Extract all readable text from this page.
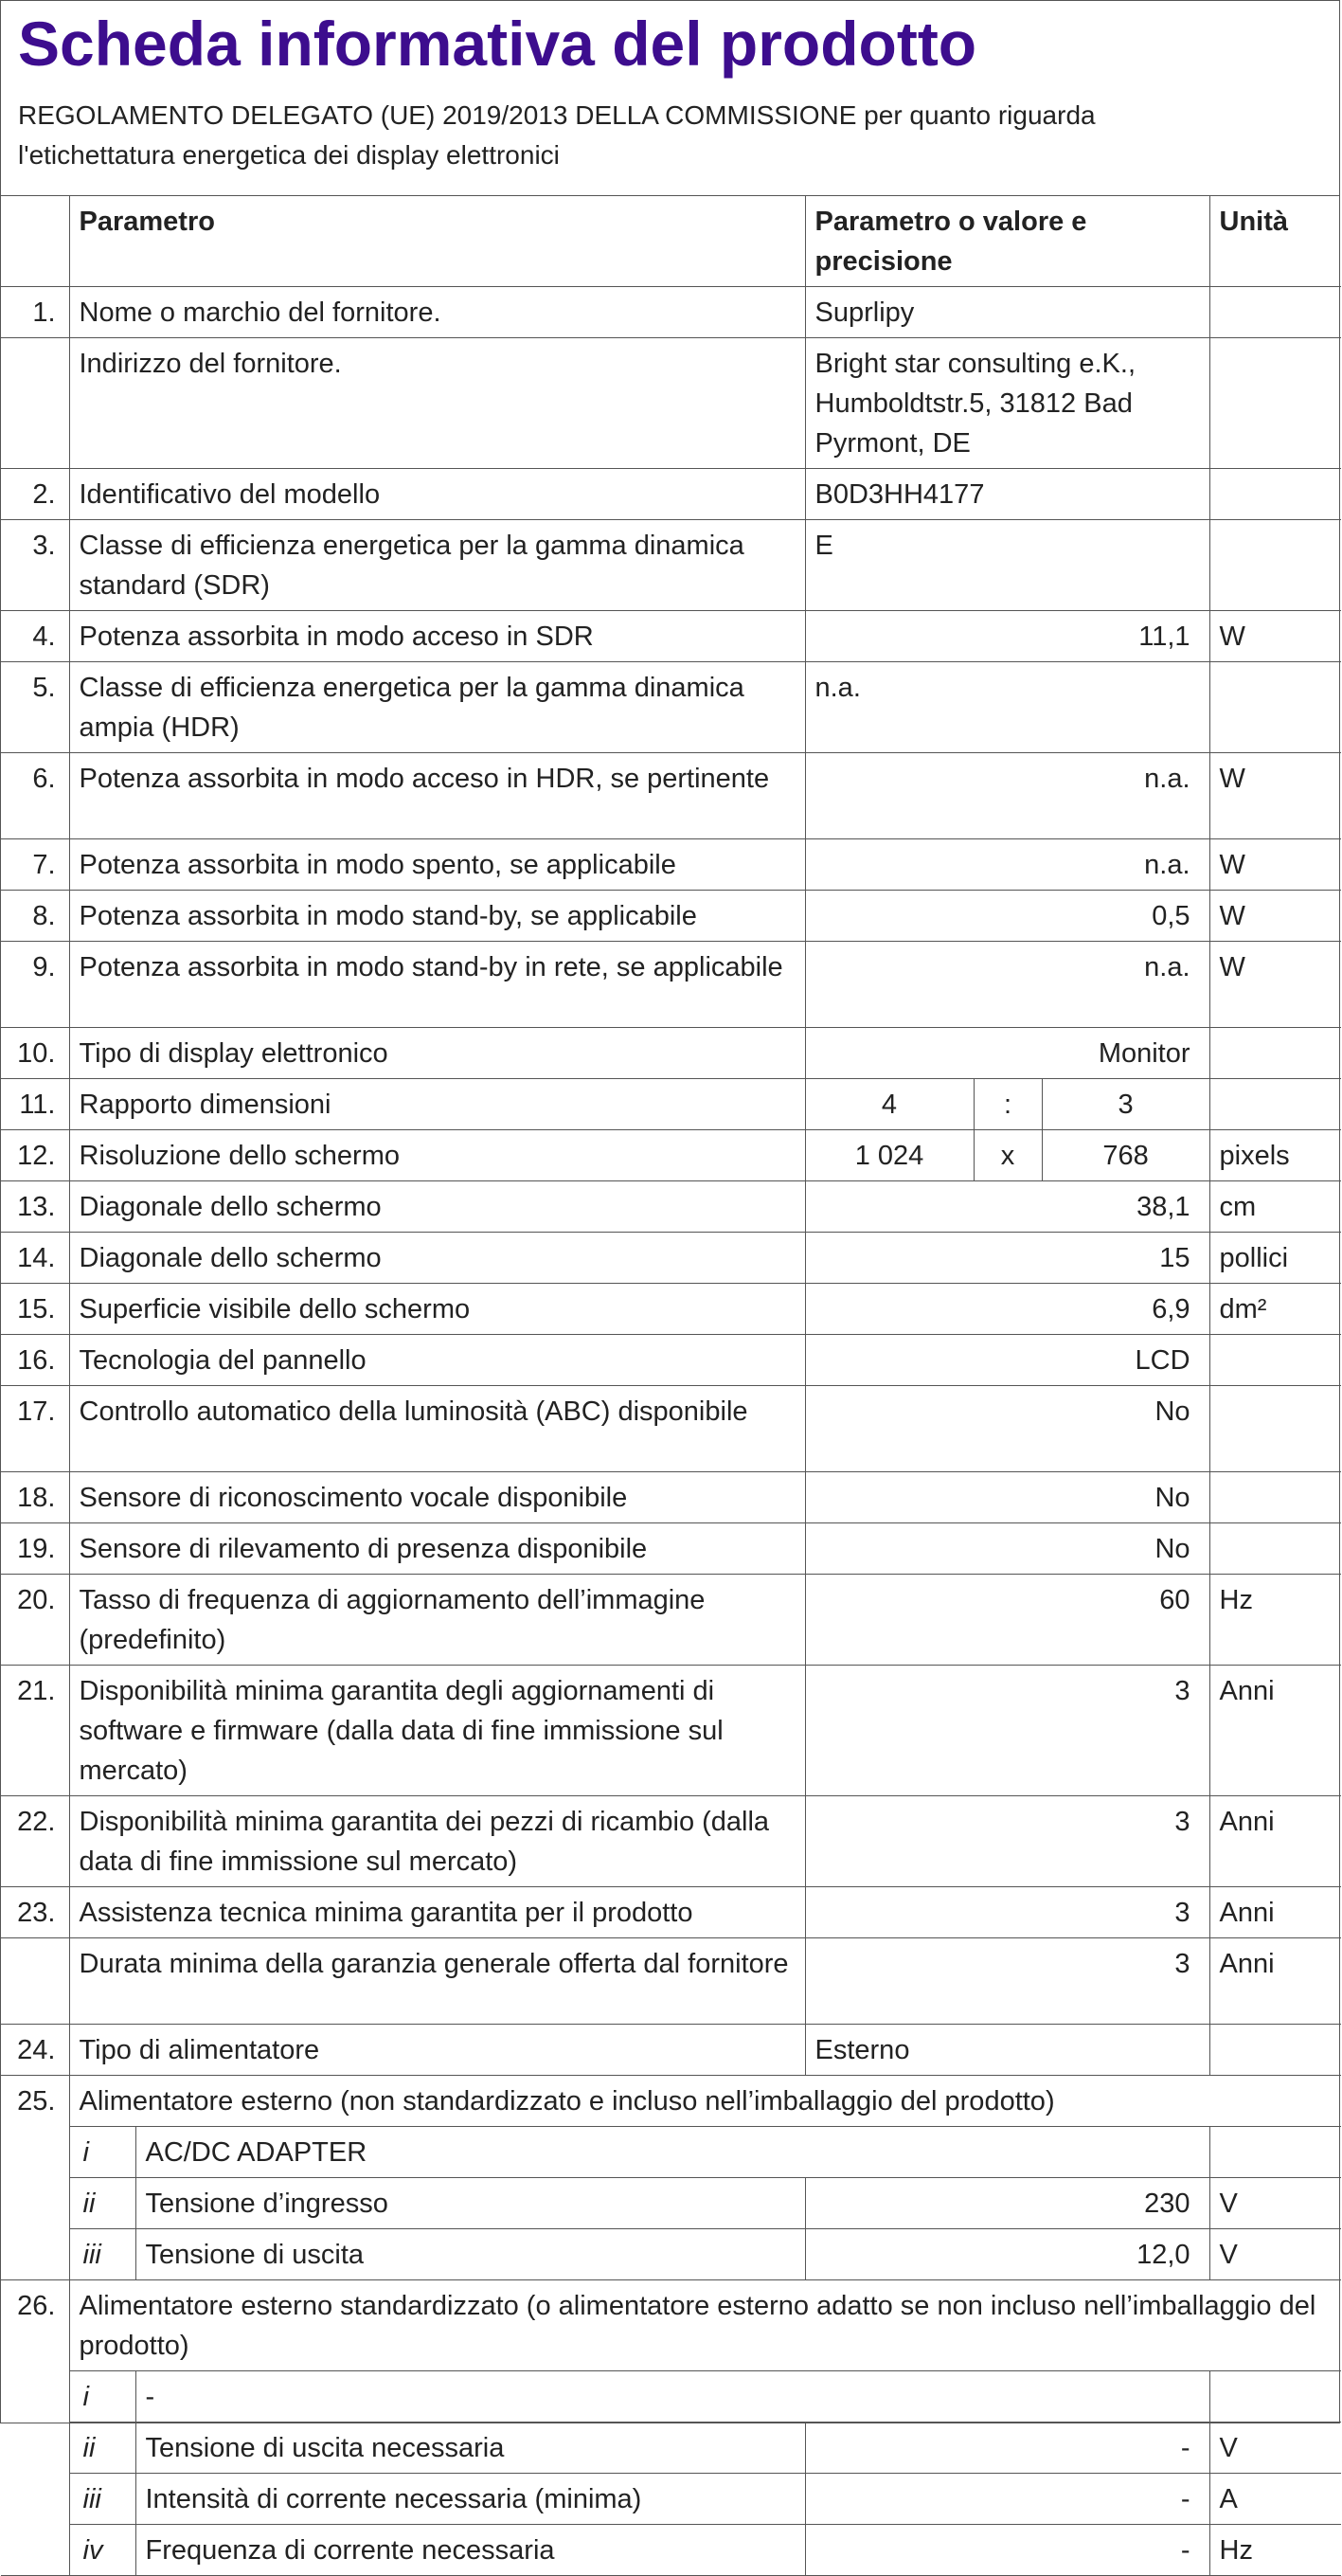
Scheda informativa del prodotto
REGOLAMENTO DELEGATO (UE) 2019/2013 DELLA COMMISSIONE per quanto riguarda
l'etichettatura energetica dei display elettronici
	Parametro		Parametro o valore e precisione			Unità
1.	Nome o marchio del fornitore.		Suprlipy			
	Indirizzo del fornitore.		Bright star consulting e.K., Humboldtstr.5, 31812 Bad Pyrmont, DE			
2.	Identificativo del modello		B0D3HH4177			
3.	Classe di efficienza energetica per la gamma dinamica standard (SDR)		E			
4.	Potenza assorbita in modo acceso in SDR		11,1			W
5.	Classe di efficienza energetica per la gamma dinamica ampia (HDR)		n.a.			
6.	Potenza assorbita in modo acceso in HDR, se pertinente		n.a.			W
7.	Potenza assorbita in modo spento, se applicabile		n.a.			W
8.	Potenza assorbita in modo stand-by, se applicabile		0,5			W
9.	Potenza assorbita in modo stand-by in rete, se applicabile		n.a.			W
10.	Tipo di display elettronico		Monitor			
11.	Rapporto dimensioni		4	:	3	
12.	Risoluzione dello schermo		1 024	x	768	pixels
13.	Diagonale dello schermo		38,1			cm
14.	Diagonale dello schermo		15			pollici
15.	Superficie visibile dello schermo		6,9			dm²
16.	Tecnologia del pannello		LCD			
17.	Controllo automatico della luminosità (ABC) disponibile		No			
18.	Sensore di riconoscimento vocale disponibile		No			
19.	Sensore di rilevamento di presenza disponibile		No			
20.	Tasso di frequenza di aggiornamento dell’immagine (predefinito)		60			Hz
21.	Disponibilità minima garantita degli aggiornamenti di software e firmware (dalla data di fine immissione sul mercato)		3			Anni
22.	Disponibilità minima garantita dei pezzi di ricambio (dalla data di fine immissione sul mercato)		3			Anni
23.	Assistenza tecnica minima garantita per il prodotto		3			Anni
	Durata minima della garanzia generale offerta dal fornitore		3			Anni
24.	Tipo di alimentatore		Esterno			
25.	Alimentatore esterno (non standardizzato e incluso nell’imballaggio del prodotto)					
	i	AC/DC ADAPTER				
	ii	Tensione d’ingresso	230			V
	iii	Tensione di uscita	12,0			V
26.	Alimentatore esterno standardizzato (o alimentatore esterno adatto se non incluso nell’imballaggio del prodotto)					
	i	-				
	ii	Tensione di uscita necessaria	-			V
	iii	Intensità di corrente necessaria (minima)	-			A
	iv	Frequenza di corrente necessaria	-			Hz
